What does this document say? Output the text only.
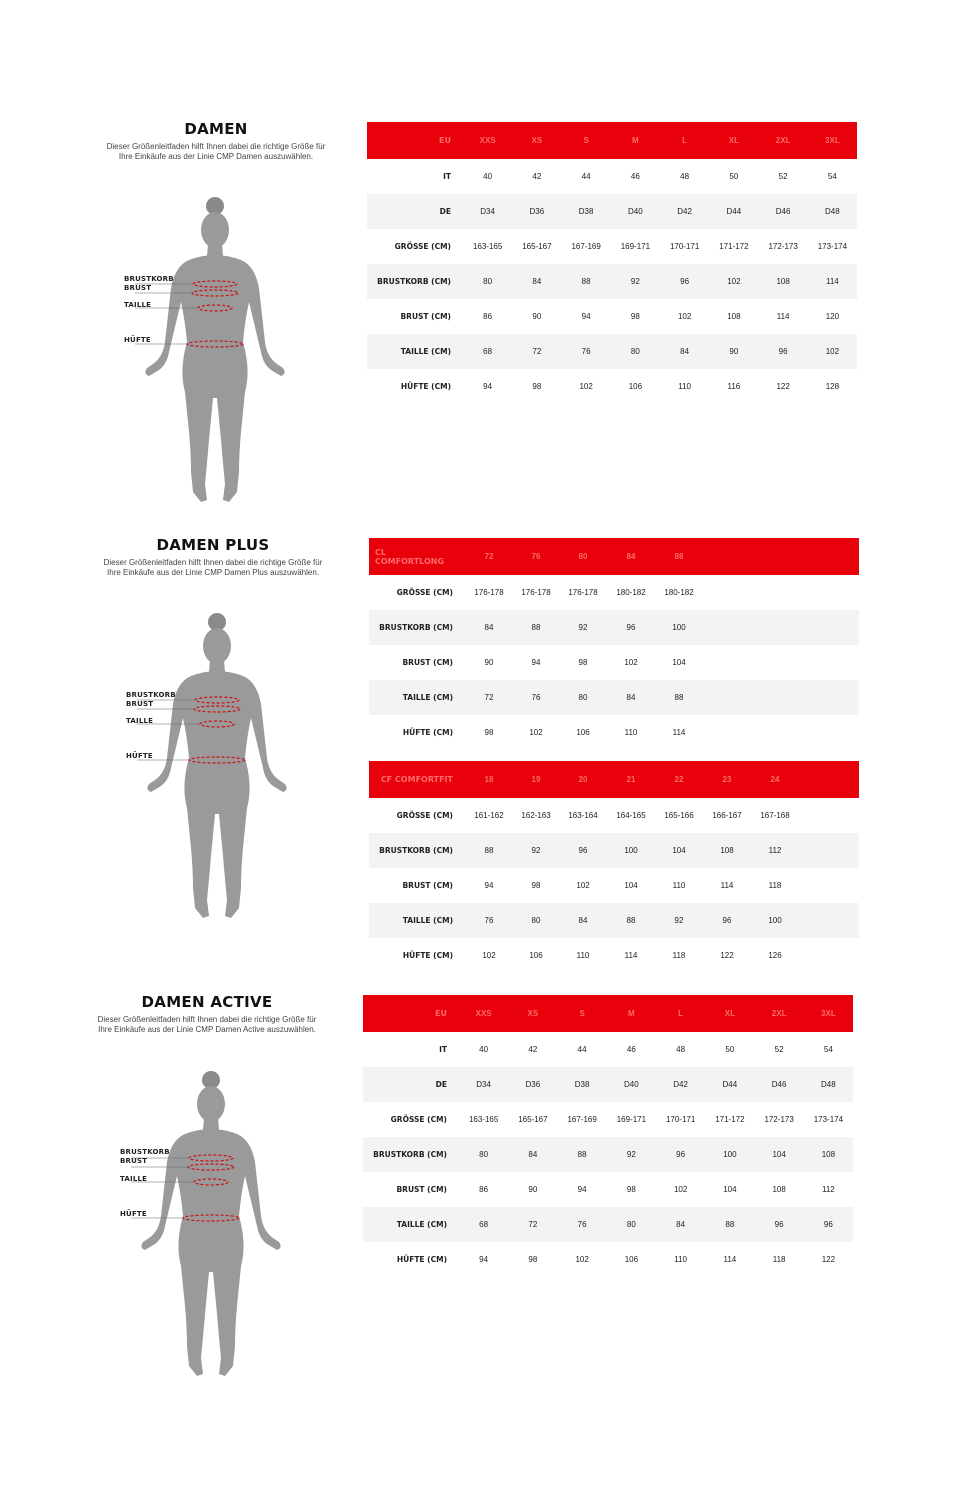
DAMEN

Dieser Größenleitfaden hilft Ihnen dabei die richtige Größe für Ihre Einkäufe aus der Linie CMP Damen auszuwählen.

BRUSTKORB
BRUST
TAILLE
HÜFTE
EU	XXS	XS	S	M	L	XL	2XL	3XL
IT	40	42	44	46	48	50	52	54
DE	D34	D36	D38	D40	D42	D44	D46	D48
GRÖSSE (CM)	163-165	165-167	167-169	169-171	170-171	171-172	172-173	173-174
BRUSTKORB (CM)	80	84	88	92	96	102	108	114
BRUST (CM)	86	90	94	98	102	108	114	120
TAILLE (CM)	68	72	76	80	84	90	96	102
HÜFTE (CM)	94	98	102	106	110	116	122	128
DAMEN PLUS

Dieser Größenleitfaden hilft Ihnen dabei die richtige Größe für Ihre Einkäufe aus der Linie CMP Damen Plus auszuwählen.

BRUSTKORB
BRUST
TAILLE
HÜFTE
CL COMFORTLONG	72	76	80	84	88	
GRÖSSE (CM)	176-178	176-178	176-178	180-182	180-182	
BRUSTKORB (CM)	84	88	92	96	100	
BRUST (CM)	90	94	98	102	104	
TAILLE (CM)	72	76	80	84	88	
HÜFTE (CM)	98	102	106	110	114	
CF COMFORTFIT	18	19	20	21	22	23	24	
GRÖSSE (CM)	161-162	162-163	163-164	164-165	165-166	166-167	167-168	
BRUSTKORB (CM)	88	92	96	100	104	108	112	
BRUST (CM)	94	98	102	104	110	114	118	
TAILLE (CM)	76	80	84	88	92	96	100	
HÜFTE (CM)	102	106	110	114	118	122	126	
DAMEN ACTIVE

Dieser Größenleitfaden hilft Ihnen dabei die richtige Größe für Ihre Einkäufe aus der Linie CMP Damen Active auszuwählen.

BRUSTKORB
BRUST
TAILLE
HÜFTE
EU	XXS	XS	S	M	L	XL	2XL	3XL
IT	40	42	44	46	48	50	52	54
DE	D34	D36	D38	D40	D42	D44	D46	D48
GRÖSSE (CM)	163-165	165-167	167-169	169-171	170-171	171-172	172-173	173-174
BRUSTKORB (CM)	80	84	88	92	96	100	104	108
BRUST (CM)	86	90	94	98	102	104	108	112
TAILLE (CM)	68	72	76	80	84	88	96	96
HÜFTE (CM)	94	98	102	106	110	114	118	122
